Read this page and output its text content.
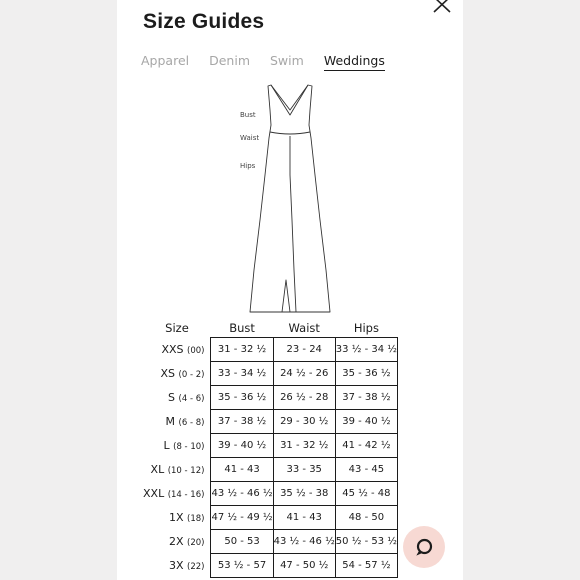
Size Guides
Apparel Denim Swim Weddings
Bust
Waist
Hips
Size	Bust	Waist	Hips
XXS (00)	31 - 32 ½	23 - 24	33 ½ - 34 ½
XS (0 - 2)	33 - 34 ½	24 ½ - 26	35 - 36 ½
S (4 - 6)	35 - 36 ½	26 ½ - 28	37 - 38 ½
M (6 - 8)	37 - 38 ½	29 - 30 ½	39 - 40 ½
L (8 - 10)	39 - 40 ½	31 - 32 ½	41 - 42 ½
XL (10 - 12)	41 - 43	33 - 35	43 - 45
XXL (14 - 16)	43 ½ - 46 ½	35 ½ - 38	45 ½ - 48
1X (18)	47 ½ - 49 ½	41 - 43	48 - 50
2X (20)	50 - 53	43 ½ - 46 ½	50 ½ - 53 ½
3X (22)	53 ½ - 57	47 - 50 ½	54 - 57 ½
